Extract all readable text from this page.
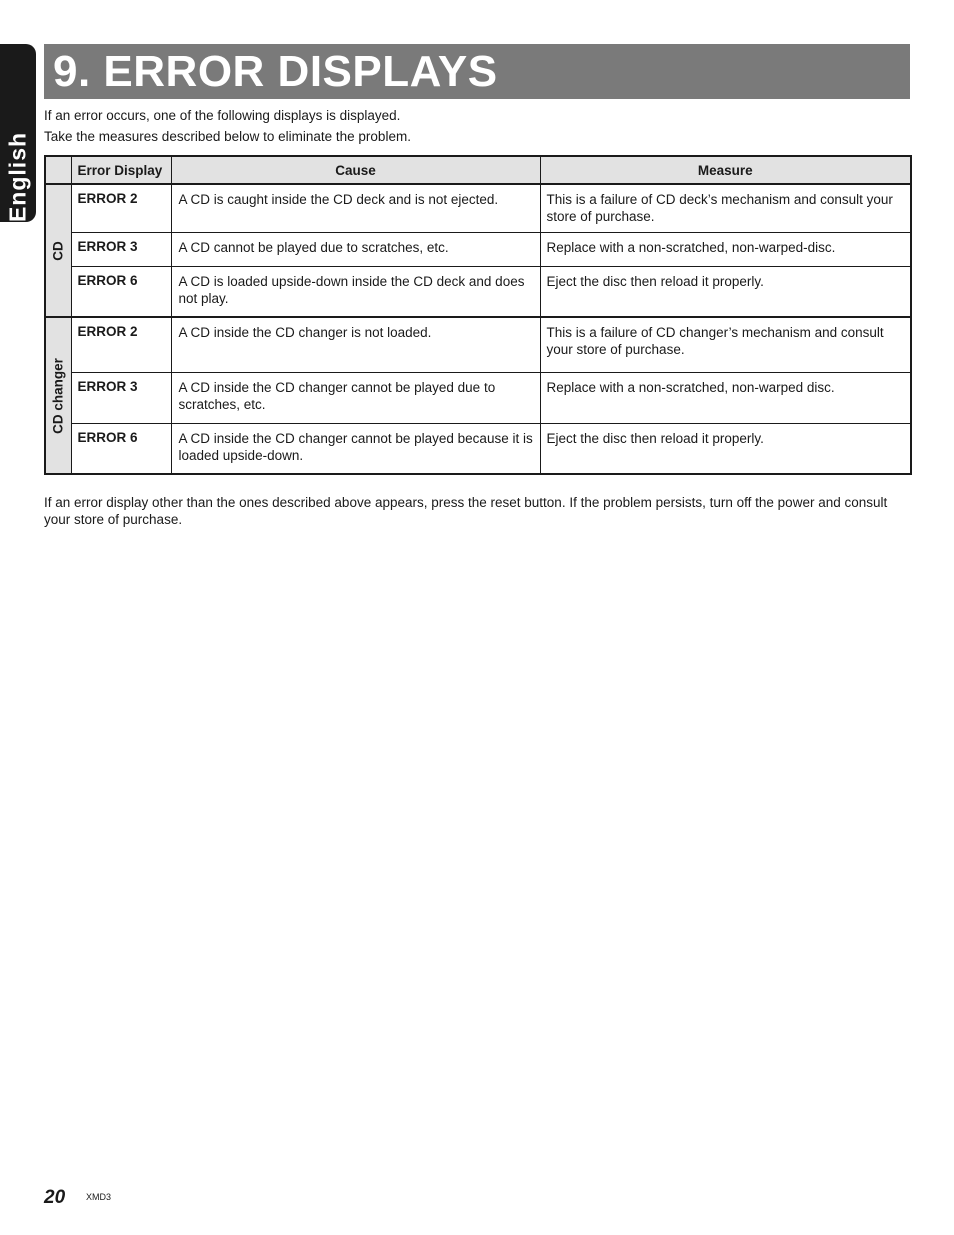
English
9. ERROR DISPLAYS
If an error occurs, one of the following displays is displayed.
Take the measures described below to eliminate the problem.
	Error Display	Cause	Measure

CD	ERROR 2	A CD is caught inside the CD deck and is not ejected.	This is a failure of CD deck’s mechanism and consult your store of purchase.
	ERROR 3	A CD cannot be played due to scratches, etc.	Replace with a non-scratched, non-warped-disc.
	ERROR 6	A CD is loaded upside-down inside the CD deck and does not play.	Eject the disc then reload it properly.

CD changer	ERROR 2	A CD inside the CD changer is not loaded.	This is a failure of CD changer’s mechanism and consult your store of purchase.
	ERROR 3	A CD inside the CD changer cannot be played due to scratches, etc.	Replace with a non-scratched, non-warped disc.
	ERROR 6	A CD inside the CD changer cannot be played because it is loaded upside-down.	Eject the disc then reload it properly.
If an error display other than the ones described above appears, press the reset button. If the problem persists, turn off the power and consult your store of purchase.
20 XMD3
